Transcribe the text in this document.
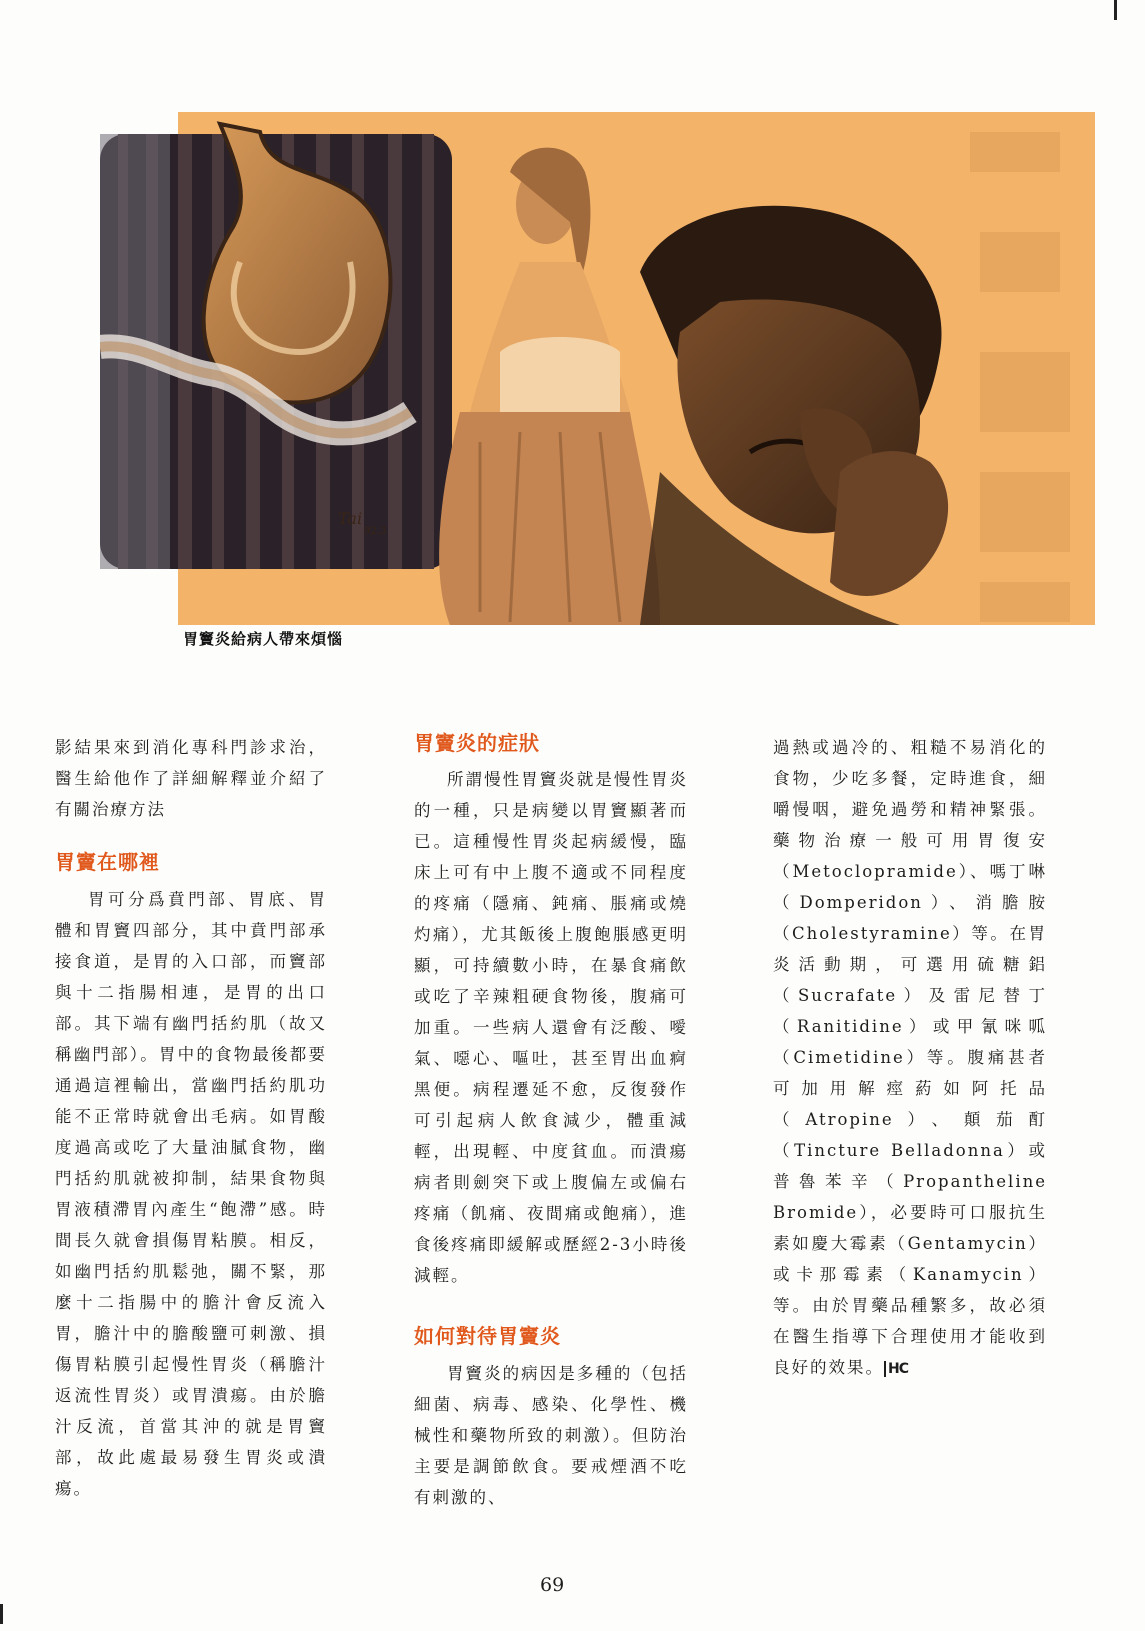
Tai
92.3
胃竇炎給病人帶來煩惱

影結果來到消化專科門診求治，醫生給他作了詳細解釋並介紹了有關治療方法

胃竇在哪裡

胃可分爲賁門部、胃底、胃體和胃竇四部分，其中賁門部承接食道，是胃的入口部，而竇部與十二指腸相連，是胃的出口部。其下端有幽門括約肌（故又稱幽門部）。胃中的食物最後都要通過這裡輸出，當幽門括約肌功能不正常時就會出毛病。如胃酸度過高或吃了大量油膩食物，幽門括約肌就被抑制，結果食物與胃液積滯胃內產生“飽滯”感。時間長久就會損傷胃粘膜。相反，如幽門括約肌鬆弛，關不緊，那麼十二指腸中的膽汁會反流入胃，膽汁中的膽酸鹽可刺激、損傷胃粘膜引起慢性胃炎（稱膽汁返流性胃炎）或胃潰瘍。由於膽汁反流，首當其沖的就是胃竇部，故此處最易發生胃炎或潰瘍。

胃竇炎的症狀

所謂慢性胃竇炎就是慢性胃炎的一種，只是病變以胃竇顯著而已。這種慢性胃炎起病緩慢，臨床上可有中上腹不適或不同程度的疼痛（隱痛、鈍痛、脹痛或燒灼痛），尤其飯後上腹飽脹感更明顯，可持續數小時，在暴食痛飲或吃了辛辣粗硬食物後，腹痛可加重。一些病人還會有泛酸、噯氣、噁心、嘔吐，甚至胃出血痾黑便。病程遷延不愈，反復發作可引起病人飲食減少，體重減輕，出現輕、中度貧血。而潰瘍病者則劍突下或上腹偏左或偏右疼痛（飢痛、夜間痛或飽痛），進食後疼痛即緩解或歷經2-3小時後減輕。

如何對待胃竇炎

胃竇炎的病因是多種的（包括細菌、病毒、感染、化學性、機械性和藥物所致的刺激）。但防治主要是調節飲食。要戒煙酒不吃有刺激的、

過熱或過冷的、粗糙不易消化的食物，少吃多餐，定時進食，細嚼慢咽，避免過勞和精神緊張。藥物治療一般可用胃復安（Metoclopramide）、嗎丁啉（Domperidon）、消膽胺（Cholestyramine）等。在胃炎活動期，可選用硫糖鋁（Sucrafate）及雷尼替丁（Ranitidine）或甲氰咪呱（Cimetidine）等。腹痛甚者可加用解痙葯如阿托品（Atropine）、顛茄酊（Tincture Belladonna）或普魯苯辛（Propantheline Bromide），必要時可口服抗生素如慶大霉素（Gentamycin）或卡那霉素（Kanamycin）等。由於胃藥品種繁多，故必須在醫生指導下合理使用才能收到良好的效果。 HC

69
